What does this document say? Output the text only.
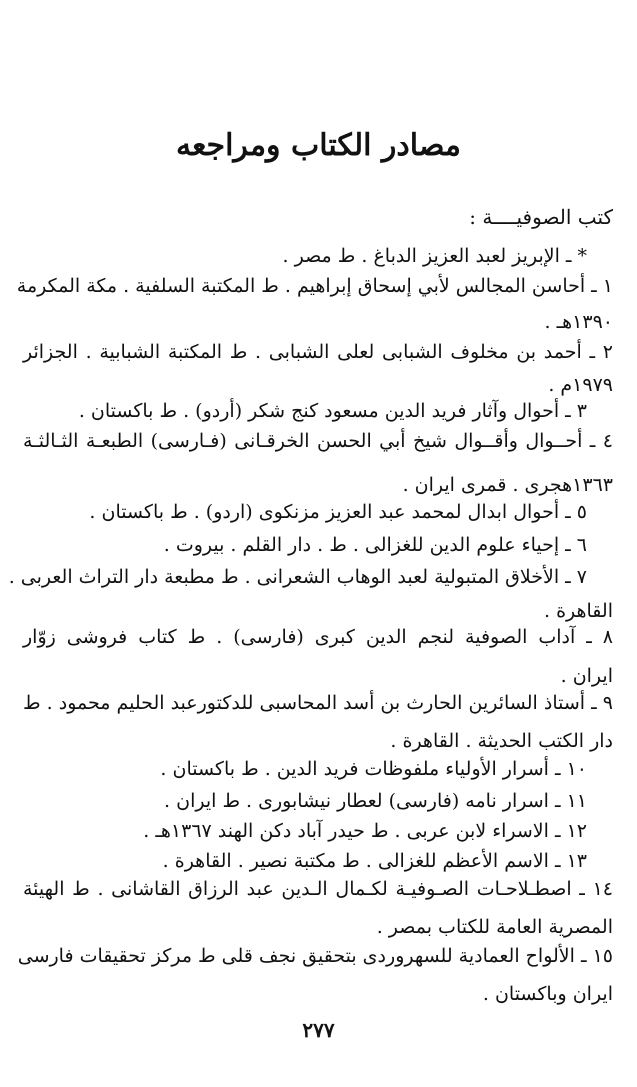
مصادر الكتاب ومراجعه
كتب الصوفيــــة :
* ـ الإبريز لعبد العزيز الدباغ . ط مصر .
١ ـ أحاسن المجالس لأبي إسحاق إبراهيم . ط المكتبة السلفية . مكة المكرمة
١٣٩٠هـ .
٢ ـ أحمد بن مخلوف الشبابى لعلى الشبابى . ط المكتبة الشبابية . الجزائر
١٩٧٩م .
٣ ـ أحوال وآثار فريد الدين مسعود كنج شكر (أردو) . ط باكستان .
٤ ـ أحــوال وأقــوال شيخ أبي الحسن الخرقـانى (فـارسى) الطبعـة الثـالثـة
١٣٦٣هجرى . قمرى ايران .
٥ ـ أحوال ابدال لمحمد عبد العزيز مزنكوى (اردو) . ط باكستان .
٦ ـ إحياء علوم الدين للغزالى . ط . دار القلم . بيروت .
٧ ـ الأخلاق المتبولية لعبد الوهاب الشعرانى . ط مطبعة دار التراث العربى .
القاهرة .
٨ ـ آداب الصوفية لنجم الدين كبرى (فارسى) . ط كتاب فروشى زوّار
ايران .
٩ ـ أستاذ السائرين الحارث بن أسد المحاسبى للدكتورعبد الحليم محمود . ط
دار الكتب الحديثة . القاهرة .
١٠ ـ أسرار الأولياء ملفوظات فريد الدين . ط باكستان .
١١ ـ اسرار نامه (فارسى) لعطار نيشابورى . ط ايران .
١٢ ـ الاسراء لابن عربى . ط حيدر آباد دكن الهند ١٣٦٧هـ .
١٣ ـ الاسم الأعظم للغزالى . ط مكتبة نصير . القاهرة .
١٤ ـ اصطـلاحـات الصـوفيـة لكـمال الـدين عبد الرزاق القاشانى . ط الهيئة
المصرية العامة للكتاب بمصر .
١٥ ـ الألواح العمادية للسهروردى بتحقيق نجف قلى ط مركز تحقيقات فارسى
ايران وباكستان .
٢٧٧
